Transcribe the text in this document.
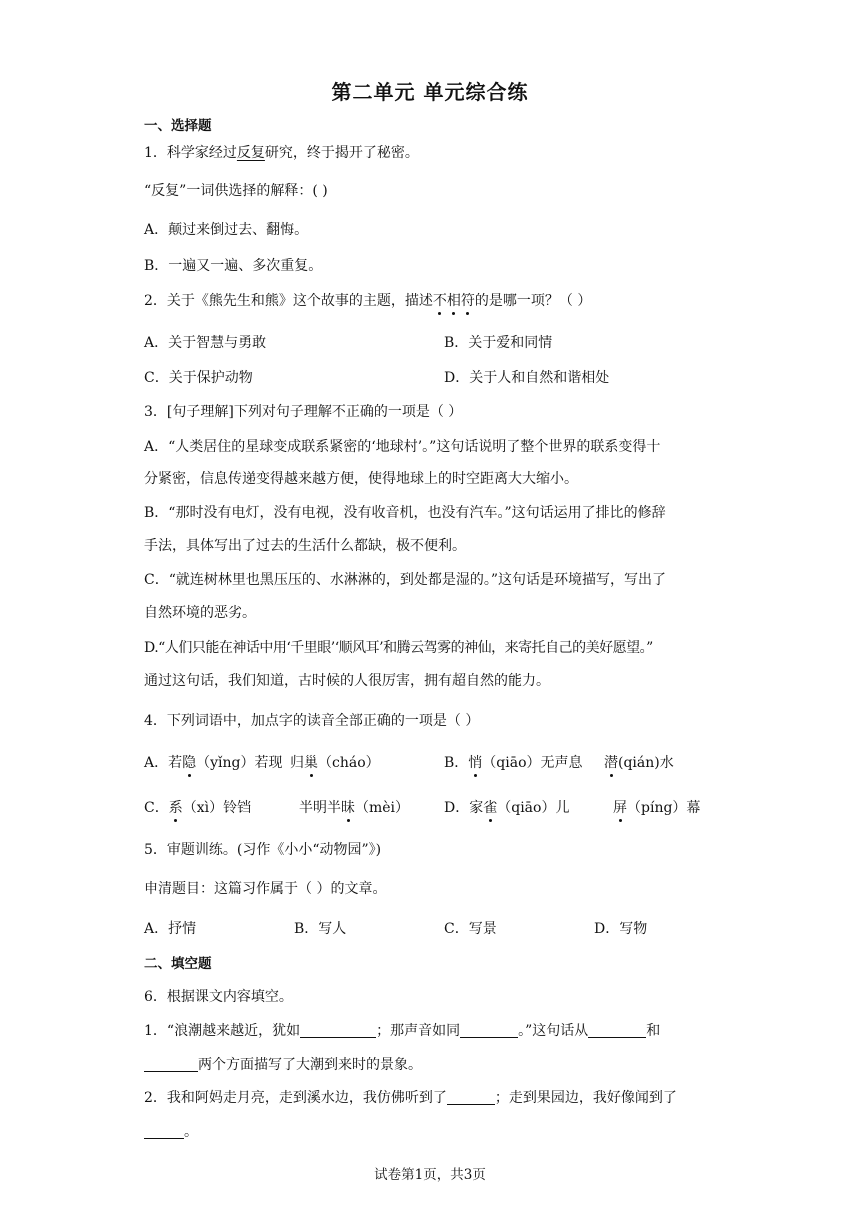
第二单元 单元综合练
一、选择题
1．科学家经过反复研究，终于揭开了秘密。
“反复”一词供选择的解释：( )
A．颠过来倒过去、翻悔。
B．一遍又一遍、多次重复。
2．关于《熊先生和熊》这个故事的主题，描述不相符的是哪一项？（ ）
A．关于智慧与勇敢	B．关于爱和同情
C．关于保护动物	D．关于人和自然和谐相处
3．[句子理解]下列对句子理解不正确的一项是（ ）
A．“人类居住的星球变成联系紧密的‘地球村’。”这句话说明了整个世界的联系变得十
分紧密，信息传递变得越来越方便，使得地球上的时空距离大大缩小。
B．“那时没有电灯，没有电视，没有收音机，也没有汽车。”这句话运用了排比的修辞
手法，具体写出了过去的生活什么都缺，极不便利。
C．“就连树林里也黑压压的、水淋淋的，到处都是湿的。”这句话是环境描写，写出了
自然环境的恶劣。
D.“人们只能在神话中用‘千里眼’‘顺风耳’和腾云驾雾的神仙，来寄托自己的美好愿望。”
通过这句话，我们知道，古时候的人很厉害，拥有超自然的能力。
4．下列词语中，加点字的读音全部正确的一项是（ ）
A．若隐（yǐng）若现 归巢（cháo）	B．悄（qiāo）无声息 潜(qián)水
C．系（xì）铃铛	半明半昧（mèi） D．家雀（qiāo）儿	屏（píng）幕
5．审题训练。(习作《小小“动物园”》)
申清题目：这篇习作属于（ ）的文章。
A．抒情	B．写人	C．写景	D．写物
二、填空题
6．根据课文内容填空。
1．“浪潮越来越近，犹如	；那声音如同	。”这句话从	和
两个方面描写了大潮到来时的景象。
2．我和阿妈走月亮，走到溪水边，我仿佛听到了	；走到果园边，我好像闻到了
。
试卷第1页，共3页
